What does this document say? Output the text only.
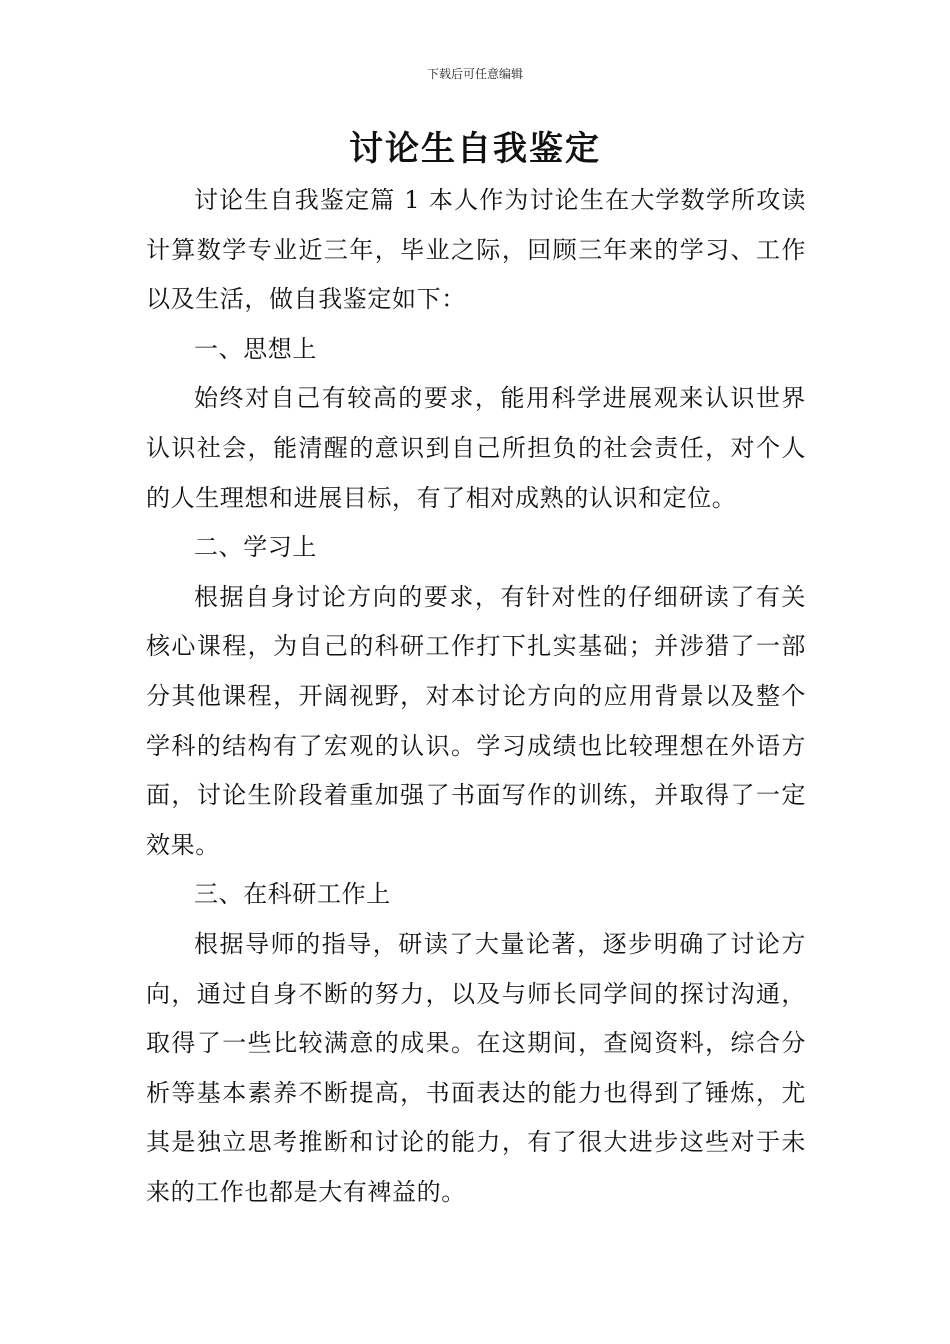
下载后可任意编辑
讨论生自我鉴定

讨论生自我鉴定篇 1 本人作为讨论生在大学数学所攻读计算数学专业近三年，毕业之际，回顾三年来的学习、工作以及生活，做自我鉴定如下：

一、思想上

始终对自己有较高的要求，能用科学进展观来认识世界认识社会，能清醒的意识到自己所担负的社会责任，对个人的人生理想和进展目标，有了相对成熟的认识和定位。

二、学习上

根据自身讨论方向的要求，有针对性的仔细研读了有关核心课程，为自己的科研工作打下扎实基础；并涉猎了一部分其他课程，开阔视野，对本讨论方向的应用背景以及整个学科的结构有了宏观的认识。学习成绩也比较理想在外语方面，讨论生阶段着重加强了书面写作的训练，并取得了一定效果。

三、在科研工作上

根据导师的指导，研读了大量论著，逐步明确了讨论方向，通过自身不断的努力，以及与师长同学间的探讨沟通，取得了一些比较满意的成果。在这期间，查阅资料，综合分析等基本素养不断提高，书面表达的能力也得到了锤炼，尤其是独立思考推断和讨论的能力，有了很大进步这些对于未来的工作也都是大有裨益的。
